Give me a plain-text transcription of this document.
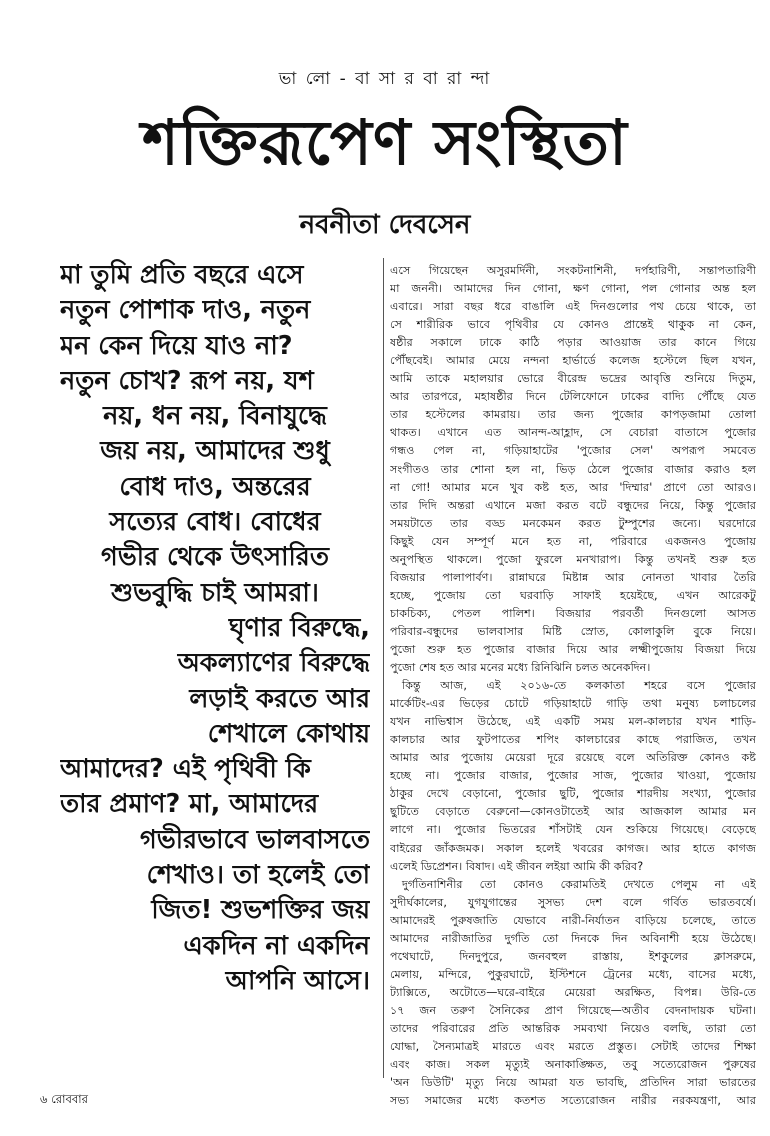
ভা লো - বা সা র বা রা ন্দা
শক্তিরূপেণ সংস্থিতা
নবনীতা দেবসেন
মা তুমি প্রতি বছরে এসে
নতুন পোশাক দাও, নতুন
মন কেন দিয়ে যাও না?
নতুন চোখ? রূপ নয়, যশ
নয়, ধন নয়, বিনাযুদ্ধে
জয় নয়, আমাদের শুধু
বোধ দাও, অন্তরের
সত্যের বোধ। বোধের
গভীর থেকে উৎসারিত
শুভবুদ্ধি চাই আমরা।
ঘৃণার বিরুদ্ধে,
অকল্যাণের বিরুদ্ধে
লড়াই করতে আর
শেখালে কোথায়
আমাদের? এই পৃথিবী কি
তার প্রমাণ? মা, আমাদের
গভীরভাবে ভালবাসতে
শেখাও। তা হলেই তো
জিত! শুভশক্তির জয়
একদিন না একদিন
আপনি আসে।
এসে গিয়েছেন অসুরমর্দিনী, সংকটনাশিনী, দর্পহারিণী, সন্তাপতারিণী
মা জননী। আমাদের দিন গোনা, ক্ষণ গোনা, পল গোনার অন্ত হল
এবারে। সারা বছর ধরে বাঙালি এই দিনগুলোর পথ চেয়ে থাকে, তা
সে শারীরিক ভাবে পৃথিবীর যে কোনও প্রান্তেই থাকুক না কেন,
ষষ্ঠীর সকালে ঢাকে কাঠি পড়ার আওয়াজ তার কানে গিয়ে
পৌঁছবেই। আমার মেয়ে নন্দনা হার্ভার্ডে কলেজ হস্টেলে ছিল যখন,
আমি তাকে মহালয়ার ভোরে বীরেন্দ্র ভদ্রের আবৃত্তি শুনিয়ে দিতুম,
আর তারপরে, মহাষষ্ঠীর দিনে টেলিফোনে ঢাকের বাদ্যি পৌঁছে যেত
তার হস্টেলের কামরায়। তার জন্য পুজোর কাপড়জামা তোলা
থাকত। এখানে এত আনন্দ-আহ্লাদ, সে বেচারা বাতাসে পুজোর
গন্ধও পেল না, গড়িয়াহাটের 'পুজোর সেল' অপরূপ সমবেত
সংগীতও তার শোনা হল না, ভিড় ঠেলে পুজোর বাজার করাও হল
না গো! আমার মনে খুব কষ্ট হত, আর 'দিম্মার' প্রাণে তো আরও।
তার দিদি অন্তরা এখানে মজা করত বটে বন্ধুদের নিয়ে, কিন্তু পুজোর
সময়টাতে তার বড্ড মনকেমন করত টুম্পুশের জন্যে। ঘরদোরে
কিছুই যেন সম্পূর্ণ মনে হত না, পরিবারে একজনও পুজোয়
অনুপস্থিত থাকলে। পুজো ফুরলে মনখারাপ। কিন্তু তখনই শুরু হত
বিজয়ার পালাপার্বণ। রান্নাঘরে মিষ্টান্ন আর নোনতা খাবার তৈরি
হচ্ছে, পুজোয় তো ঘরবাড়ি সাফাই হয়েইছে, এখন আরেকটু
চাকচিক্য, পেতল পালিশ। বিজয়ার পরবর্তী দিনগুলো আসত
পরিবার-বন্ধুদের ভালবাসার মিষ্টি স্রোত, কোলাকুলি বুকে নিয়ে।
পুজো শুরু হত পুজোর বাজার দিয়ে আর লক্ষ্মীপুজোয় বিজয়া দিয়ে
পুজো শেষ হত আর মনের মধ্যে রিনিঝিনি চলত অনেকদিন।
কিন্তু আজ, এই ২০১৬-তে কলকাতা শহরে বসে পুজোর
মার্কেটিং-এর ভিড়ের চোটে গড়িয়াহাটে গাড়ি তথা মনুষ্য চলাচলের
যখন নাভিশ্বাস উঠেছে, এই একটি সময় মল-কালচার যখন শাড়ি-
কালচার আর ফুটপাতের শপিং কালচারের কাছে পরাজিত, তখন
আমার আর পুজোয় মেয়েরা দূরে রয়েছে বলে অতিরিক্ত কোনও কষ্ট
হচ্ছে না। পুজোর বাজার, পুজোর সাজ, পুজোর খাওয়া, পুজোয়
ঠাকুর দেখে বেড়ানো, পুজোর ছুটি, পুজোর শারদীয় সংখ্যা, পুজোর
ছুটিতে বেড়াতে বেরুনো—কোনওটাতেই আর আজকাল আমার মন
লাগে না। পুজোর ভিতরের শাঁসটাই যেন শুকিয়ে গিয়েছে। বেড়েছে
বাইরের জাঁকজমক। সকাল হলেই খবরের কাগজ। আর হাতে কাগজ
এলেই ডিপ্রেশন। বিষাদ। এই জীবন লইয়া আমি কী করিব?
দুর্গতিনাশিনীর তো কোনও কেরামতিই দেখতে পেলুম না এই
সুদীর্ঘকালের, যুগযুগান্তের সুসভ্য দেশ বলে গর্বিত ভারতবর্ষে।
আমাদেরই পুরুষজাতি যেভাবে নারী-নির্যাতন বাড়িয়ে চলেছে, তাতে
আমাদের নারীজাতির দুর্গতি তো দিনকে দিন অবিনাশী হয়ে উঠেছে।
পথেঘাটে, দিনদুপুরে, জনবহুল রাস্তায়, ইশকুলের ক্লাসরুমে,
মেলায়, মন্দিরে, পুকুরঘাটে, ইস্টিশনে ট্রেনের মধ্যে, বাসের মধ্যে,
ট্যাক্সিতে, অটোতে—ঘরে-বাইরে মেয়েরা অরক্ষিত, বিপন্ন। উরি-তে
১৭ জন তরুণ সৈনিকের প্রাণ গিয়েছে—অতীব বেদনাদায়ক ঘটনা।
তাদের পরিবারের প্রতি আন্তরিক সমব্যথা নিয়েও বলছি, তারা তো
যোদ্ধা, সৈন্যমাত্রই মারতে এবং মরতে প্রস্তুত। সেটাই তাদের শিক্ষা
এবং কাজ। সকল মৃত্যুই অনাকাঙ্ক্ষিত, তবু সত্যেরোজন পুরুষের
'অন ডিউটি' মৃত্যু নিয়ে আমরা যত ভাবছি, প্রতিদিন সারা ভারতের
সভ্য সমাজের মধ্যে কতশত সত্যেরোজন নারীর নরকযন্ত্রণা, আর
৬ রোববার
